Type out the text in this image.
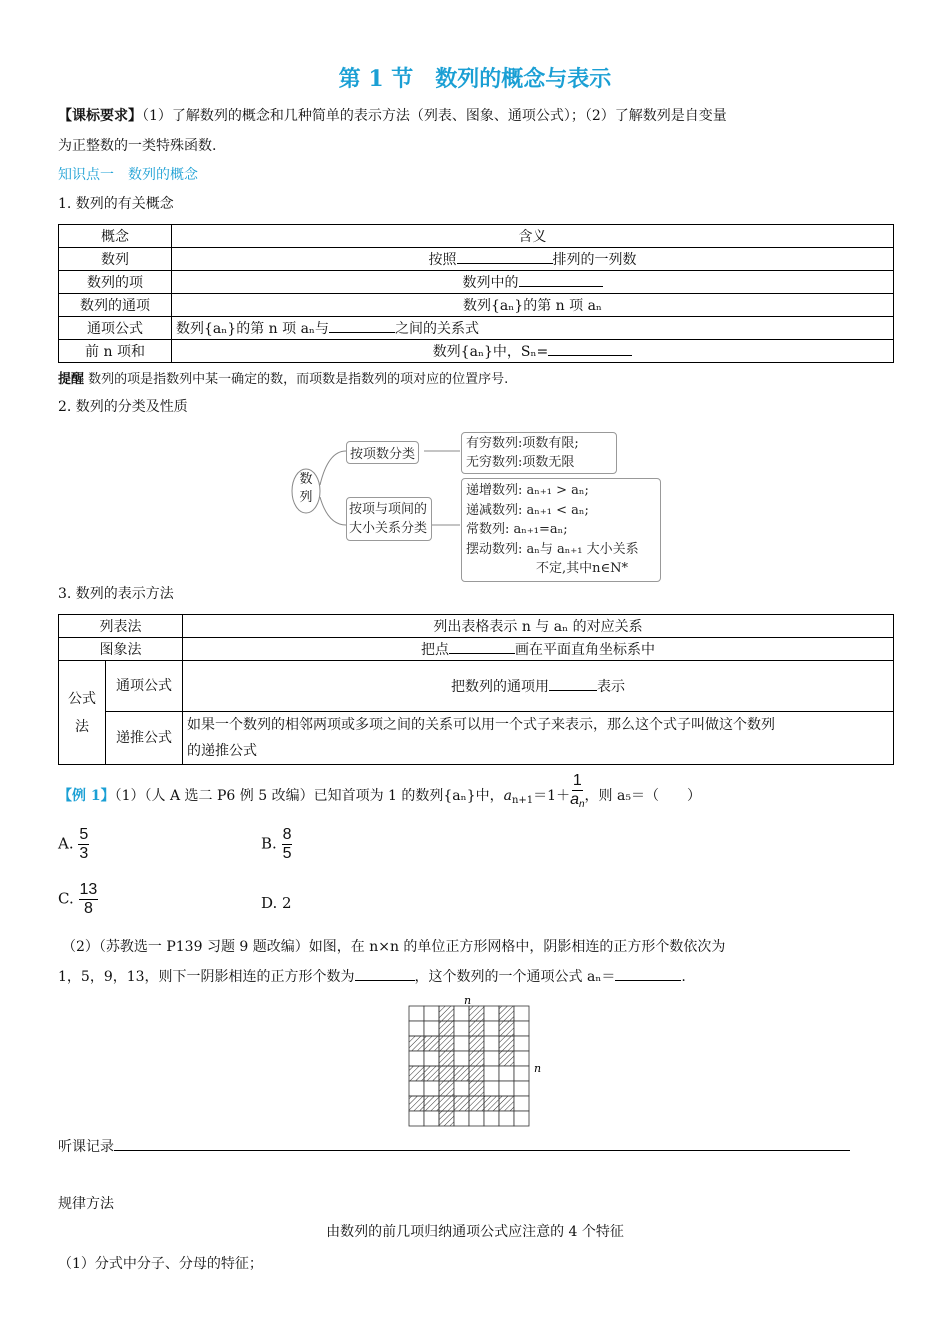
第 1 节　数列的概念与表示
【课标要求】（1）了解数列的概念和几种简单的表示方法（列表、图象、通项公式）；（2）了解数列是自变量
为正整数的一类特殊函数.
知识点一　数列的概念
1. 数列的有关概念
概念	含义
数列	按照 排列的一列数
数列的项	数列中的
数列的通项	数列{aₙ}的第 n 项 aₙ
通项公式	数列{aₙ}的第 n 项 aₙ与 之间的关系式
前 n 项和	数列{aₙ}中，Sₙ=
提醒 数列的项是指数列中某一确定的数，而项数是指数列的项对应的位置序号.
2. 数列的分类及性质
数列
按项数分类
按项与项间的大小关系分类
有穷数列:项数有限;
无穷数列:项数无限
递增数列: aₙ₊₁ > aₙ;
递减数列: aₙ₊₁ < aₙ;
常数列: aₙ₊₁=aₙ;
摆动数列: aₙ与 aₙ₊₁ 大小关系
不定,其中n∈N*
3. 数列的表示方法
列表法		列出表格表示 n 与 aₙ 的对应关系
图象法		把点 画在平面直角坐标系中
公式法	通项公式	把数列的通项用 表示
	递推公式	如果一个数列的相邻两项或多项之间的关系可以用一个式子来表示，那么这个式子叫做这个数列
的递推公式
【例 1】（1）（人 A 选二 P6 例 5 改编）已知首项为 1 的数列{aₙ}中，$a_{n+1}=1+ \frac{1}{a_n}$ ，则 a₅＝（　　）
A. $\frac{5}{3}$	B. $\frac{8}{5}$
C. $\frac{13}{8}$	D. 2
（2）（苏教选一 P139 习题 9 题改编）如图，在 n×n 的单位正方形网格中，阴影相连的正方形个数依次为
1，5，9，13，则下一阴影相连的正方形个数为	，这个数列的一个通项公式 aₙ＝	.
n
n
听课记录
规律方法
由数列的前几项归纳通项公式应注意的 4 个特征
（1）分式中分子、分母的特征；
